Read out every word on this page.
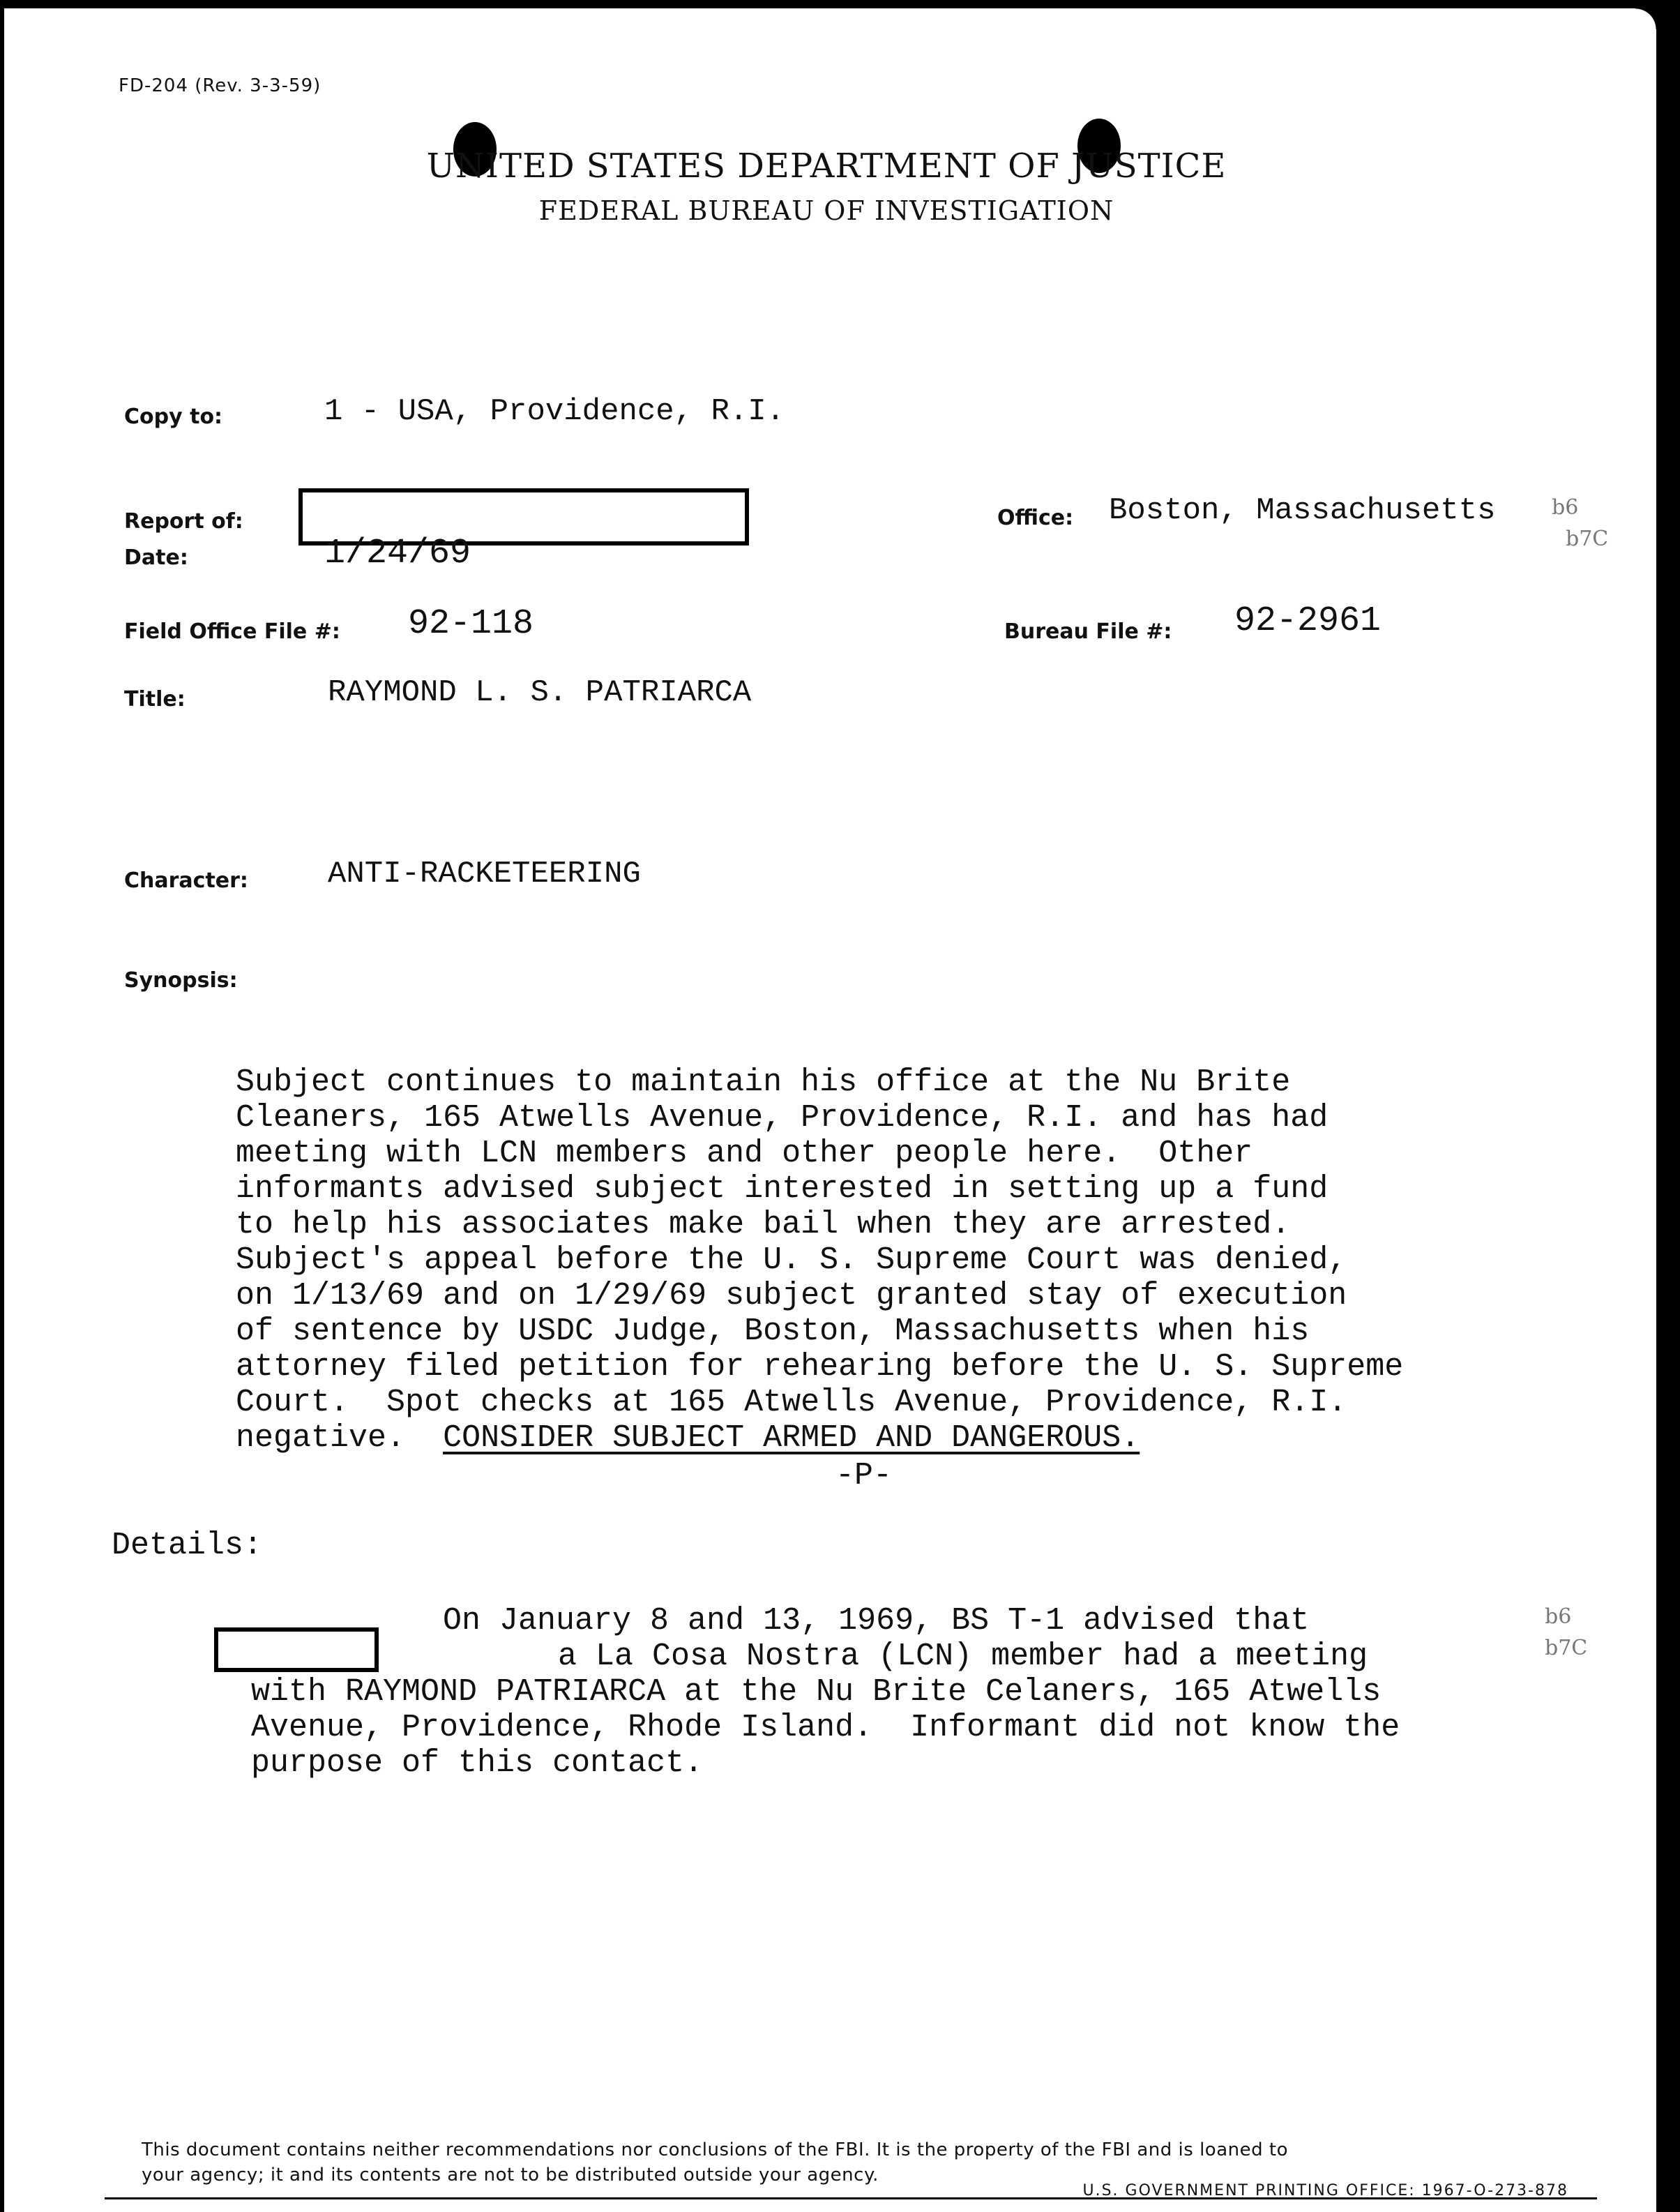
FD-204 (Rev. 3-3-59)
UNITED STATES DEPARTMENT OF JUSTICE
FEDERAL BUREAU OF INVESTIGATION
Copy to:	1 - USA, Providence, R.I.
Report of:
Date:	1/24/69
Office: Boston, Massachusetts	b6
b7C
Field Office File #: 92-118	Bureau File #: 92-2961
Title:	RAYMOND L. S. PATRIARCA
Character:	ANTI-RACKETEERING
Synopsis:

Subject continues to maintain his office at the Nu Brite
Cleaners, 165 Atwells Avenue, Providence, R.I. and has had
meeting with LCN members and other people here.  Other
informants advised subject interested in setting up a fund
to help his associates make bail when they are arrested.
Subject's appeal before the U. S. Supreme Court was denied,
on 1/13/69 and on 1/29/69 subject granted stay of execution
of sentence by USDC Judge, Boston, Massachusetts when his
attorney filed petition for rehearing before the U. S. Supreme
Court.  Spot checks at 165 Atwells Avenue, Providence, R.I.
negative.  CONSIDER SUBJECT ARMED AND DANGEROUS.

-P-
Details:
On January 8 and 13, 1969, BS T-1 advised that
a La Cosa Nostra (LCN) member had a meeting
with RAYMOND PATRIARCA at the Nu Brite Celaners, 165 Atwells
Avenue, Providence, Rhode Island.  Informant did not know the
purpose of this contact.
b6
b7C
This document contains neither recommendations nor conclusions of the FBI. It is the property of the FBI and is loaned to
your agency; it and its contents are not to be distributed outside your agency.
U.S. GOVERNMENT PRINTING OFFICE: 1967-O-273-878
